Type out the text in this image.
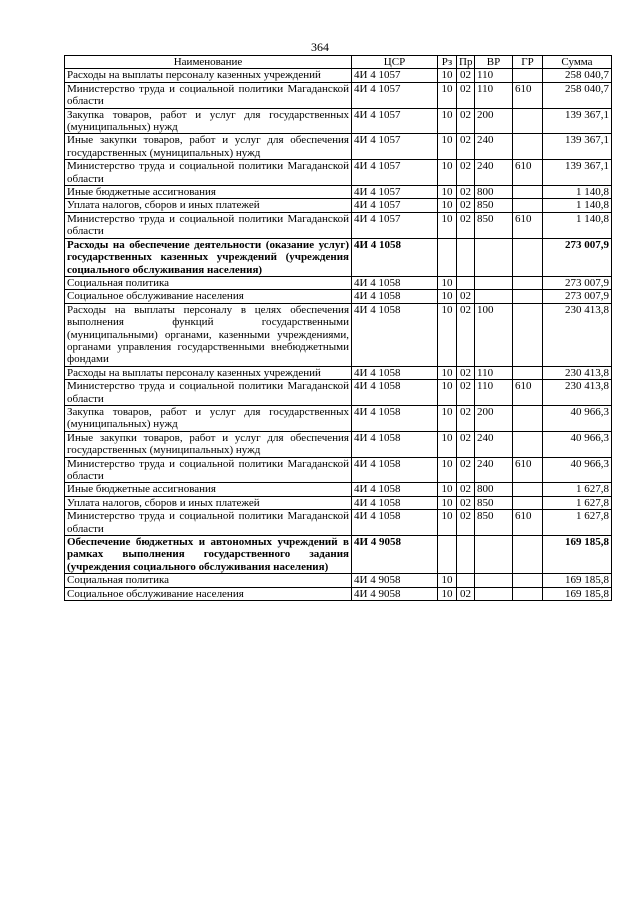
364
Наименование	ЦСР	Рз	Пр	ВР	ГР	Сумма
Расходы на выплаты персоналу казенных учреждений	4И 4 1057	10	02	110		258 040,7
Министерство труда и социальной политики Магаданской области	4И 4 1057	10	02	110	610	258 040,7
Закупка товаров, работ и услуг для государственных (муниципальных) нужд	4И 4 1057	10	02	200		139 367,1
Иные закупки товаров, работ и услуг для обеспечения государственных (муниципальных) нужд	4И 4 1057	10	02	240		139 367,1
Министерство труда и социальной политики Магаданской области	4И 4 1057	10	02	240	610	139 367,1
Иные бюджетные ассигнования	4И 4 1057	10	02	800		1 140,8
Уплата налогов, сборов и иных платежей	4И 4 1057	10	02	850		1 140,8
Министерство труда и социальной политики Магаданской области	4И 4 1057	10	02	850	610	1 140,8
Расходы на обеспечение деятельности (оказание услуг) государственных казенных учреждений (учреждения социального обслуживания населения)	4И 4 1058					273 007,9
Социальная политика	4И 4 1058	10				273 007,9
Социальное обслуживание населения	4И 4 1058	10	02			273 007,9
Расходы на выплаты персоналу в целях обеспечения выполнения функций государственными (муниципальными) органами, казенными учреждениями, органами управления государственными внебюджетными фондами	4И 4 1058	10	02	100		230 413,8
Расходы на выплаты персоналу казенных учреждений	4И 4 1058	10	02	110		230 413,8
Министерство труда и социальной политики Магаданской области	4И 4 1058	10	02	110	610	230 413,8
Закупка товаров, работ и услуг для государственных (муниципальных) нужд	4И 4 1058	10	02	200		40 966,3
Иные закупки товаров, работ и услуг для обеспечения государственных (муниципальных) нужд	4И 4 1058	10	02	240		40 966,3
Министерство труда и социальной политики Магаданской области	4И 4 1058	10	02	240	610	40 966,3
Иные бюджетные ассигнования	4И 4 1058	10	02	800		1 627,8
Уплата налогов, сборов и иных платежей	4И 4 1058	10	02	850		1 627,8
Министерство труда и социальной политики Магаданской области	4И 4 1058	10	02	850	610	1 627,8
Обеспечение бюджетных и автономных учреждений в рамках выполнения государственного задания (учреждения социального обслуживания населения)	4И 4 9058					169 185,8
Социальная политика	4И 4 9058	10				169 185,8
Социальное обслуживание населения	4И 4 9058	10	02			169 185,8
